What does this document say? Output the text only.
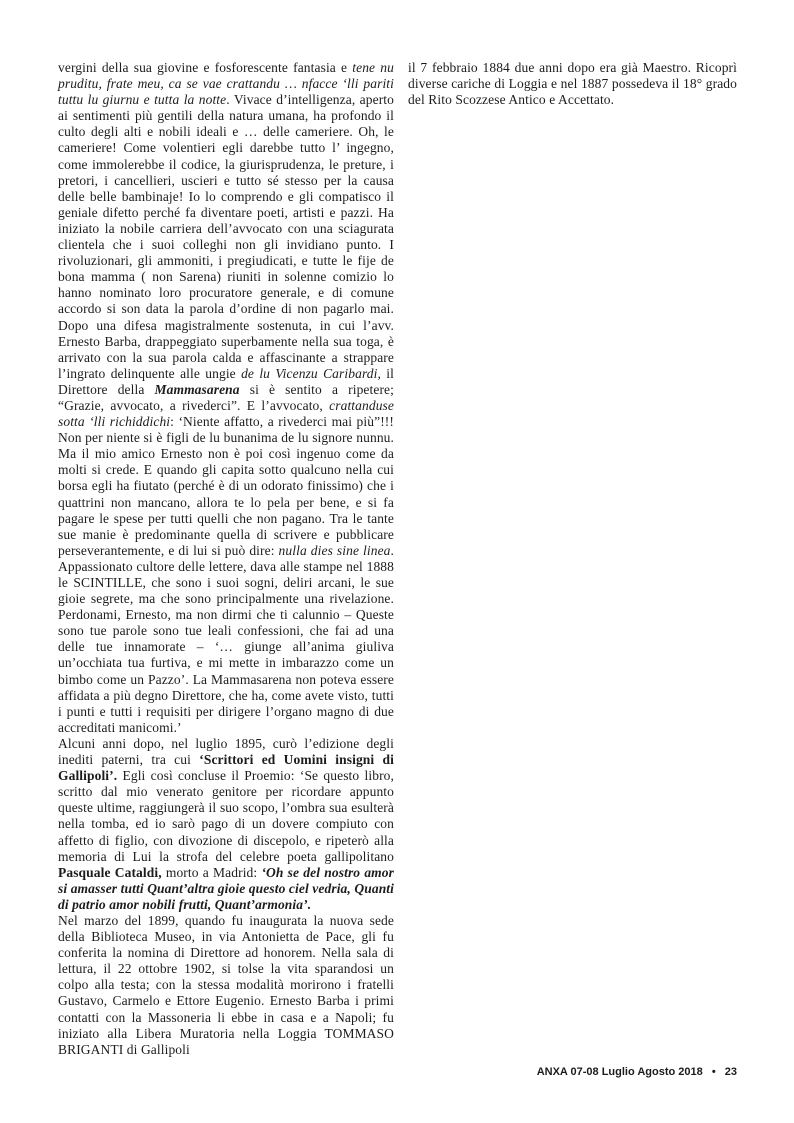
vergini della sua giovine e fosforescente fantasia e tene nu pruditu, frate meu, ca se vae crattandu … nfacce ‘lli pariti tuttu lu giurnu e tutta la notte. Vivace d’intelligenza, aperto ai sentimenti più gentili della natura umana, ha profondo il culto degli alti e nobili ideali e … delle cameriere. Oh, le cameriere! Come volentieri egli darebbe tutto l’ ingegno, come immolerebbe il codice, la giurisprudenza, le preture, i pretori, i cancellieri, uscieri e tutto sé stesso per la causa delle belle bambinaje! Io lo comprendo e gli compatisco il geniale difetto perché fa diventare poeti, artisti e pazzi. Ha iniziato la nobile carriera dell’avvocato con una sciagurata clientela che i suoi colleghi non gli invidiano punto. I rivoluzionari, gli ammoniti, i pregiudicati, e tutte le fije de bona mamma ( non Sarena) riuniti in solenne comizio lo hanno nominato loro procuratore generale, e di comune accordo si son data la parola d’ordine di non pagarlo mai. Dopo una difesa magistralmente sostenuta, in cui l’avv. Ernesto Barba, drappeggiato superbamente nella sua toga, è arrivato con la sua parola calda e affascinante a strappare l’ingrato delinquente alle ungie de lu Vicenzu Caribardi, il Direttore della Mammasarena si è sentito a ripetere; “Grazie, avvocato, a rivederci”. E l’avvocato, crattanduse sotta ‘lli richiddichi: ‘Niente affatto, a rivederci mai più”!!! Non per niente si è figli de lu bunanima de lu signore nunnu. Ma il mio amico Ernesto non è poi così ingenuo come da molti si crede. E quando gli capita sotto qualcuno nella cui borsa egli ha fiutato (perché è di un odorato finissimo) che i quattrini non mancano, allora te lo pela per bene, e si fa pagare le spese per tutti quelli che non pagano. Tra le tante sue manie è predominante quella di scrivere e pubblicare perseverantemente, e di lui si può dire: nulla dies sine linea. Appassionato cultore delle lettere, dava alle stampe nel 1888 le SCINTILLE, che sono i suoi sogni, deliri arcani, le sue gioie segrete, ma che sono principalmente una rivelazione. Perdonami, Ernesto, ma non dirmi che ti calunnio – Queste sono tue parole sono tue leali confessioni, che fai ad una delle tue innamorate – ‘… giunge all’anima giuliva un’occhiata tua furtiva, e mi mette in imbarazzo come un bimbo come un Pazzo’. La Mammasarena non poteva essere affidata a più degno Direttore, che ha, come avete visto, tutti i punti e tutti i requisiti per dirigere l’organo magno di due accreditati manicomi.’

Alcuni anni dopo, nel luglio 1895, curò l’edizione degli inediti paterni, tra cui ‘Scrittori ed Uomini insigni di Gallipoli’. Egli così concluse il Proemio: ‘Se questo libro, scritto dal mio venerato genitore per ricordare appunto queste ultime, raggiungerà il suo scopo, l’ombra sua esulterà nella tomba, ed io sarò pago di un dovere compiuto con affetto di figlio, con divozione di discepolo, e ripeterò alla memoria di Lui la strofa del celebre poeta gallipolitano Pasquale Cataldi, morto a Madrid: ‘Oh se del nostro amor si amasser tutti Quant’altra gioie questo ciel vedria, Quanti di patrio amor nobili frutti, Quant’armonia’.

Nel marzo del 1899, quando fu inaugurata la nuova sede della Biblioteca Museo, in via Antonietta de Pace, gli fu conferita la nomina di Direttore ad honorem. Nella sala di lettura, il 22 ottobre 1902, si tolse la vita sparandosi un colpo alla testa; con la stessa modalità morirono i fratelli Gustavo, Carmelo e Ettore Eugenio. Ernesto Barba i primi contatti con la Massoneria li ebbe in casa e a Napoli; fu iniziato alla Libera Muratoria nella Loggia TOMMASO BRIGANTI di Gallipoli

il 7 febbraio 1884 due anni dopo era già Maestro. Ricoprì diverse cariche di Loggia e nel 1887 possedeva il 18° grado del Rito Scozzese Antico e Accettato.

ANXA 07-08 Luglio Agosto 2018 • 23
